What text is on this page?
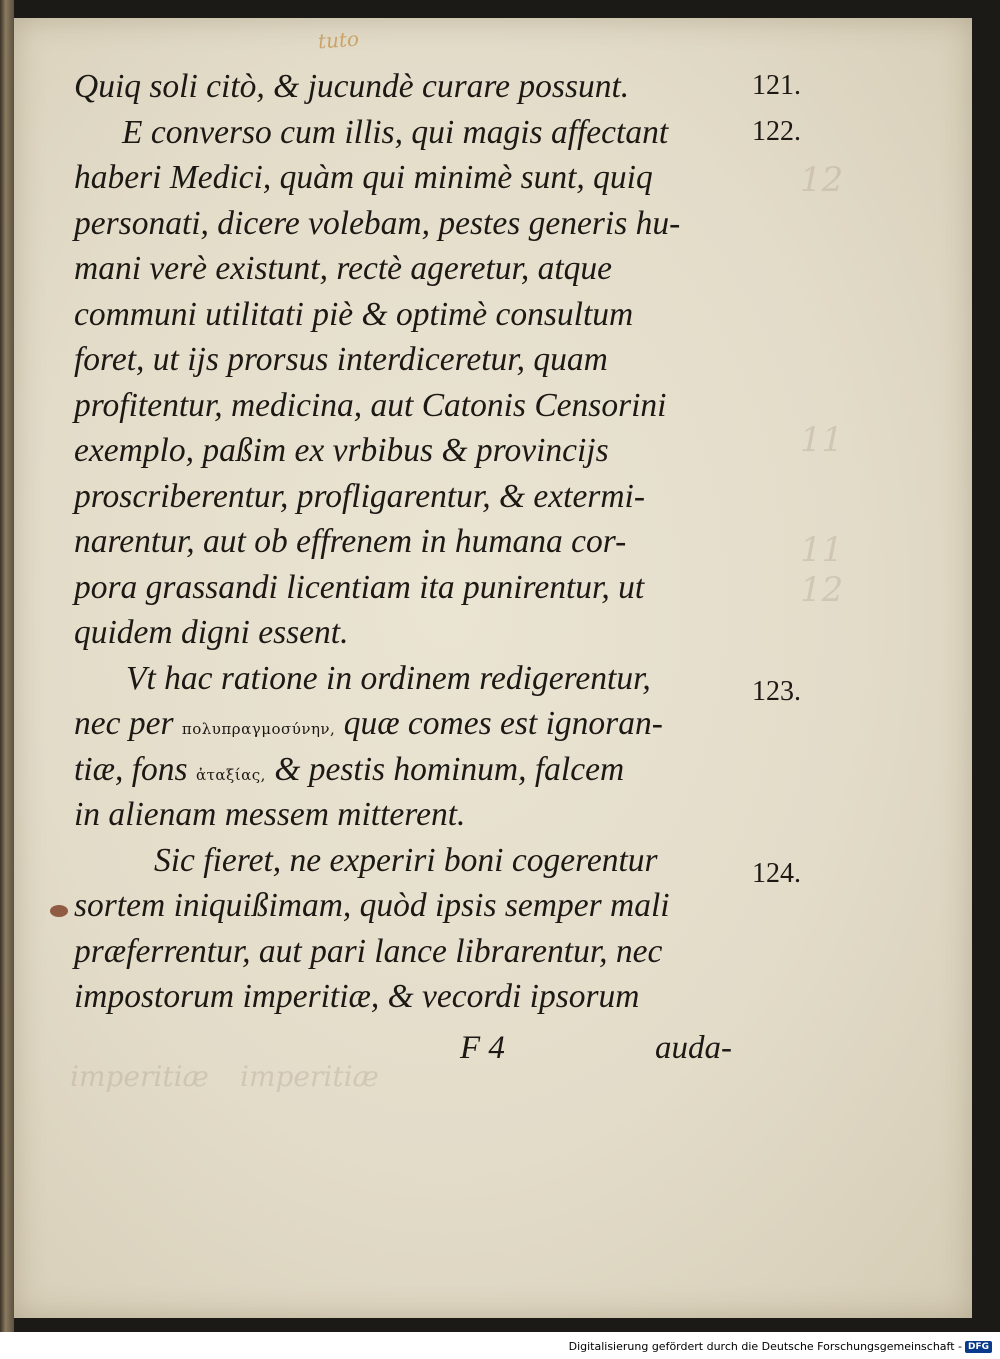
12
11
11
12
imperitiæ imperitiæ
tuto
Quiq soli citò, & jucundè curare possunt.
E converso cum illis, qui magis affectant
haberi Medici, quàm qui minimè sunt, quiq
personati, dicere volebam, pestes generis hu-
mani verè existunt, rectè ageretur, atque
communi utilitati piè & optimè consultum
foret, ut ijs prorsus interdiceretur, quam
profitentur, medicina, aut Catonis Censorini
exemplo, paßim ex vrbibus & provincijs
proscriberentur, profligarentur, & extermi-
narentur, aut ob effrenem in humana cor-
pora grassandi licentiam ita punirentur, ut
quidem digni essent.
Vt hac ratione in ordinem redigerentur,
nec per πολυπραγμοσύνην, quæ comes est ignoran-
tiæ, fons ἀταξίας, & pestis hominum, falcem
in alienam messem mitterent.
Sic fieret, ne experiri boni cogerentur
sortem iniquißimam, quòd ipsis semper mali
præferrentur, aut pari lance librarentur, nec
impostorum imperitiæ, & vecordi ipsorum
121.
122.
123.
124.
F 4	auda-
Digitalisierung gefördert durch die Deutsche Forschungsgemeinschaft - DFG
